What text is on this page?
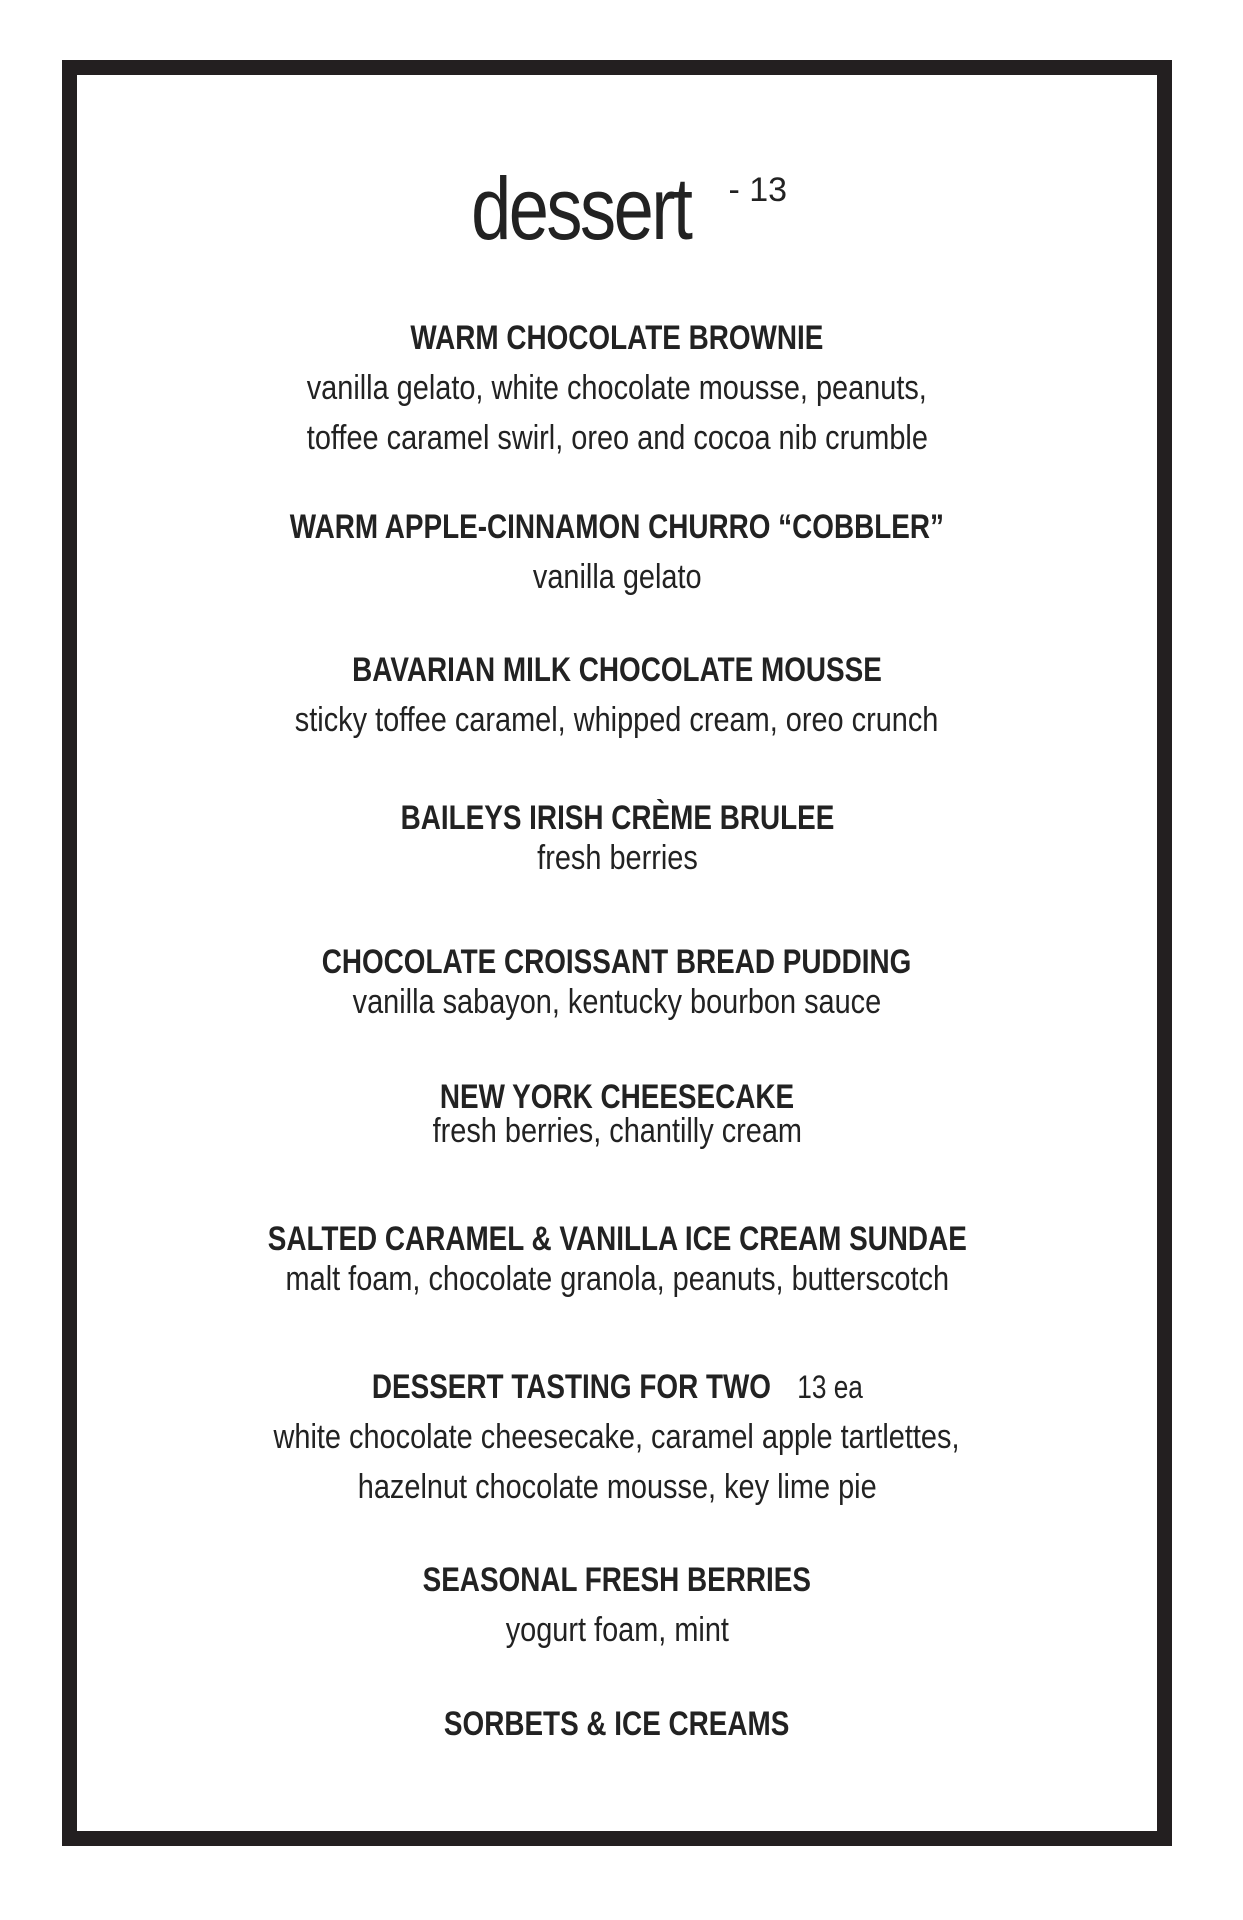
dessert - 13
WARM CHOCOLATE BROWNIE
vanilla gelato, white chocolate mousse, peanuts,
toffee caramel swirl, oreo and cocoa nib crumble
WARM APPLE-CINNAMON CHURRO “COBBLER”
vanilla gelato
BAVARIAN MILK CHOCOLATE MOUSSE
sticky toffee caramel, whipped cream, oreo crunch
BAILEYS IRISH CRÈME BRULEE
fresh berries
CHOCOLATE CROISSANT BREAD PUDDING
vanilla sabayon, kentucky bourbon sauce
NEW YORK CHEESECAKE
fresh berries, chantilly cream
SALTED CARAMEL & VANILLA ICE CREAM SUNDAE
malt foam, chocolate granola, peanuts, butterscotch
DESSERT TASTING FOR TWO 13 ea
white chocolate cheesecake, caramel apple tartlettes,
hazelnut chocolate mousse, key lime pie
SEASONAL FRESH BERRIES
yogurt foam, mint
SORBETS & ICE CREAMS
